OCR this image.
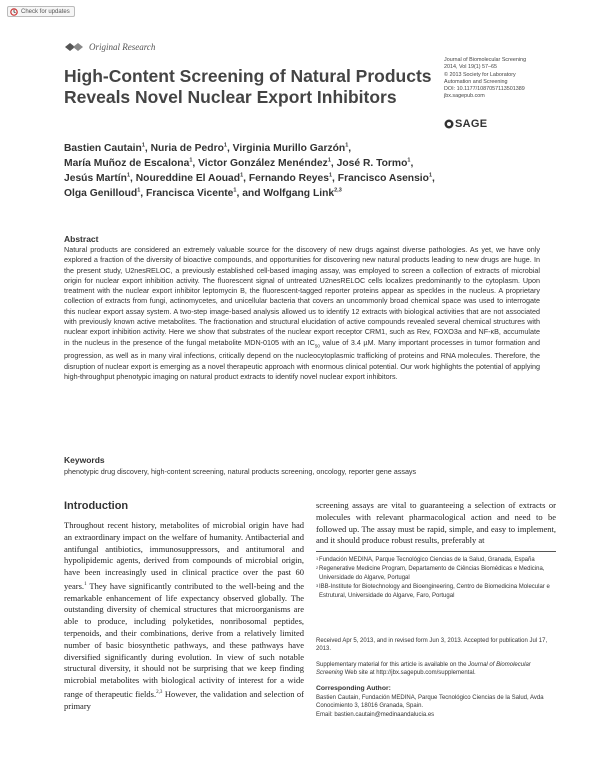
Check for updates
Original Research
High-Content Screening of Natural Products
Reveals Novel Nuclear Export Inhibitors
Journal of Biomolecular Screening
2014, Vol 19(1) 57–65
© 2013 Society for Laboratory
Automation and Screening
DOI: 10.1177/1087057113501389
jbx.sagepub.com
SAGE
Bastien Cautain$^1$, Nuria de Pedro$^1$, Virginia Murillo Garzón$^1$,
María Muñoz de Escalona$^1$, Victor González Menéndez$^1$, José R. Tormo$^1$,
Jesús Martín$^1$, Noureddine El Aouad$^1$, Fernando Reyes$^1$, Francisco Asensio$^1$,
Olga Genilloud$^1$, Francisca Vicente$^1$, and Wolfgang Link$^{2,3}$
Abstract

Natural products are considered an extremely valuable source for the discovery of new drugs against diverse pathologies. As yet, we have only explored a fraction of the diversity of bioactive compounds, and opportunities for discovering new natural products leading to new drugs are huge. In the present study, U2nesRELOC, a previously established cell-based imaging assay, was employed to screen a collection of extracts of microbial origin for nuclear export inhibition activity. The fluorescent signal of untreated U2nesRELOC cells localizes predominantly to the cytoplasm. Upon treatment with the nuclear export inhibitor leptomycin B, the fluorescent-tagged reporter proteins appear as speckles in the nucleus. A proprietary collection of extracts from fungi, actinomycetes, and unicellular bacteria that covers an uncommonly broad chemical space was used to interrogate this nuclear export assay system. A two-step image-based analysis allowed us to identify 12 extracts with biological activities that are not associated with previously known active metabolites. The fractionation and structural elucidation of active compounds revealed several chemical structures with nuclear export inhibition activity. Here we show that substrates of the nuclear export receptor CRM1, such as Rev, FOXO3a and NF-κB, accumulate in the nucleus in the presence of the fungal metabolite MDN-0105 with an $IC_{50}$ value of 3.4 µM. Many important processes in tumor formation and progression, as well as in many viral infections, critically depend on the nucleocytoplasmic trafficking of proteins and RNA molecules. Therefore, the disruption of nuclear export is emerging as a novel therapeutic approach with enormous clinical potential. Our work highlights the potential of applying high-throughput phenotypic imaging on natural product extracts to identify novel nuclear export inhibitors.

Keywords

phenotypic drug discovery, high-content screening, natural products screening, oncology, reporter gene assays

Introduction

Throughout recent history, metabolites of microbial origin have had an extraordinary impact on the welfare of humanity. Antibacterial and antifungal antibiotics, immunosuppressors, and antitumoral and hypolipidemic agents, derived from compounds of microbial origin, have been increasingly used in clinical practice over the past 60 years.$^1$ They have significantly contributed to the well-being and the remarkable enhancement of life expectancy observed globally. The outstanding diversity of chemical structures that microorganisms are able to produce, including polyketides, nonribosomal peptides, terpenoids, and their combinations, derive from a relatively limited number of basic biosynthetic pathways, and these pathways have diversified significantly during evolution. In view of such notable structural diversity, it should not be surprising that we keep finding microbial metabolites with biological activity of interest for a wide range of therapeutic fields.$^{2,3}$ However, the validation and selection of primary

screening assays are vital to guaranteeing a selection of extracts or molecules with relevant pharmacological action and need to be followed up. The assay must be rapid, simple, and easy to implement, and it should produce robust results, preferably at

1 Fundación MEDINA, Parque Tecnológico Ciencias de la Salud, Granada, España
2 Regenerative Medicine Program, Departamento de Ciências Biomédicas e Medicina, Universidade do Algarve, Portugal
3 IBB-Institute for Biotechnology and Bioengineering, Centro de Biomedicina Molecular e Estrutural, Universidade do Algarve, Faro, Portugal

Received Apr 5, 2013, and in revised form Jun 3, 2013. Accepted for publication Jul 17, 2013.

Supplementary material for this article is available on the Journal of Biomolecular Screening Web site at http://jbx.sagepub.com/supplemental.

Corresponding Author:
Bastien Cautain, Fundación MEDINA, Parque Tecnológico Ciencias de la Salud, Avda Conocimiento 3, 18016 Granada, Spain.
Email: bastien.cautain@medinaandalucia.es
